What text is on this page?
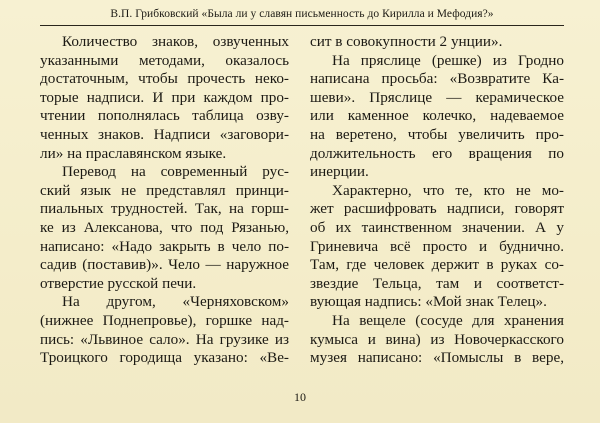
В.П. Грибковский «Была ли у славян письменность до Кирилла и Мефодия?»
Количество знаков, озвученных
указанными методами, оказалось
достаточным, чтобы прочесть неко-
торые надписи. И при каждом про-
чтении пополнялась таблица озву-
ченных знаков. Надписи «заговори-
ли» на праславянском языке.
Перевод на современный рус-
ский язык не представлял принци-
пиальных трудностей. Так, на горш-
ке из Алексанова, что под Рязанью,
написано: «Надо закрыть в чело по-
садив (поставив)». Чело — наружное
отверстие русской печи.
На другом, «Черняховском»
(нижнее Поднепровье), горшке над-
пись: «Львиное сало». На грузике из
Троицкого городища указано: «Ве-
сит в совокупности 2 унции».
На пряслице (решке) из Гродно
написана просьба: «Возвратите Ка-
шеви». Пряслице — керамическое
или каменное колечко, надеваемое
на веретено, чтобы увеличить про-
должительность его вращения по
инерции.
Характерно, что те, кто не мо-
жет расшифровать надписи, говорят
об их таинственном значении. А у
Гриневича всё просто и буднично.
Там, где человек держит в руках со-
звездие Тельца, там и соответст-
вующая надпись: «Мой знак Телец».
На вещеле (сосуде для хранения
кумыса и вина) из Новочеркасского
музея написано: «Помыслы в вере,
10
